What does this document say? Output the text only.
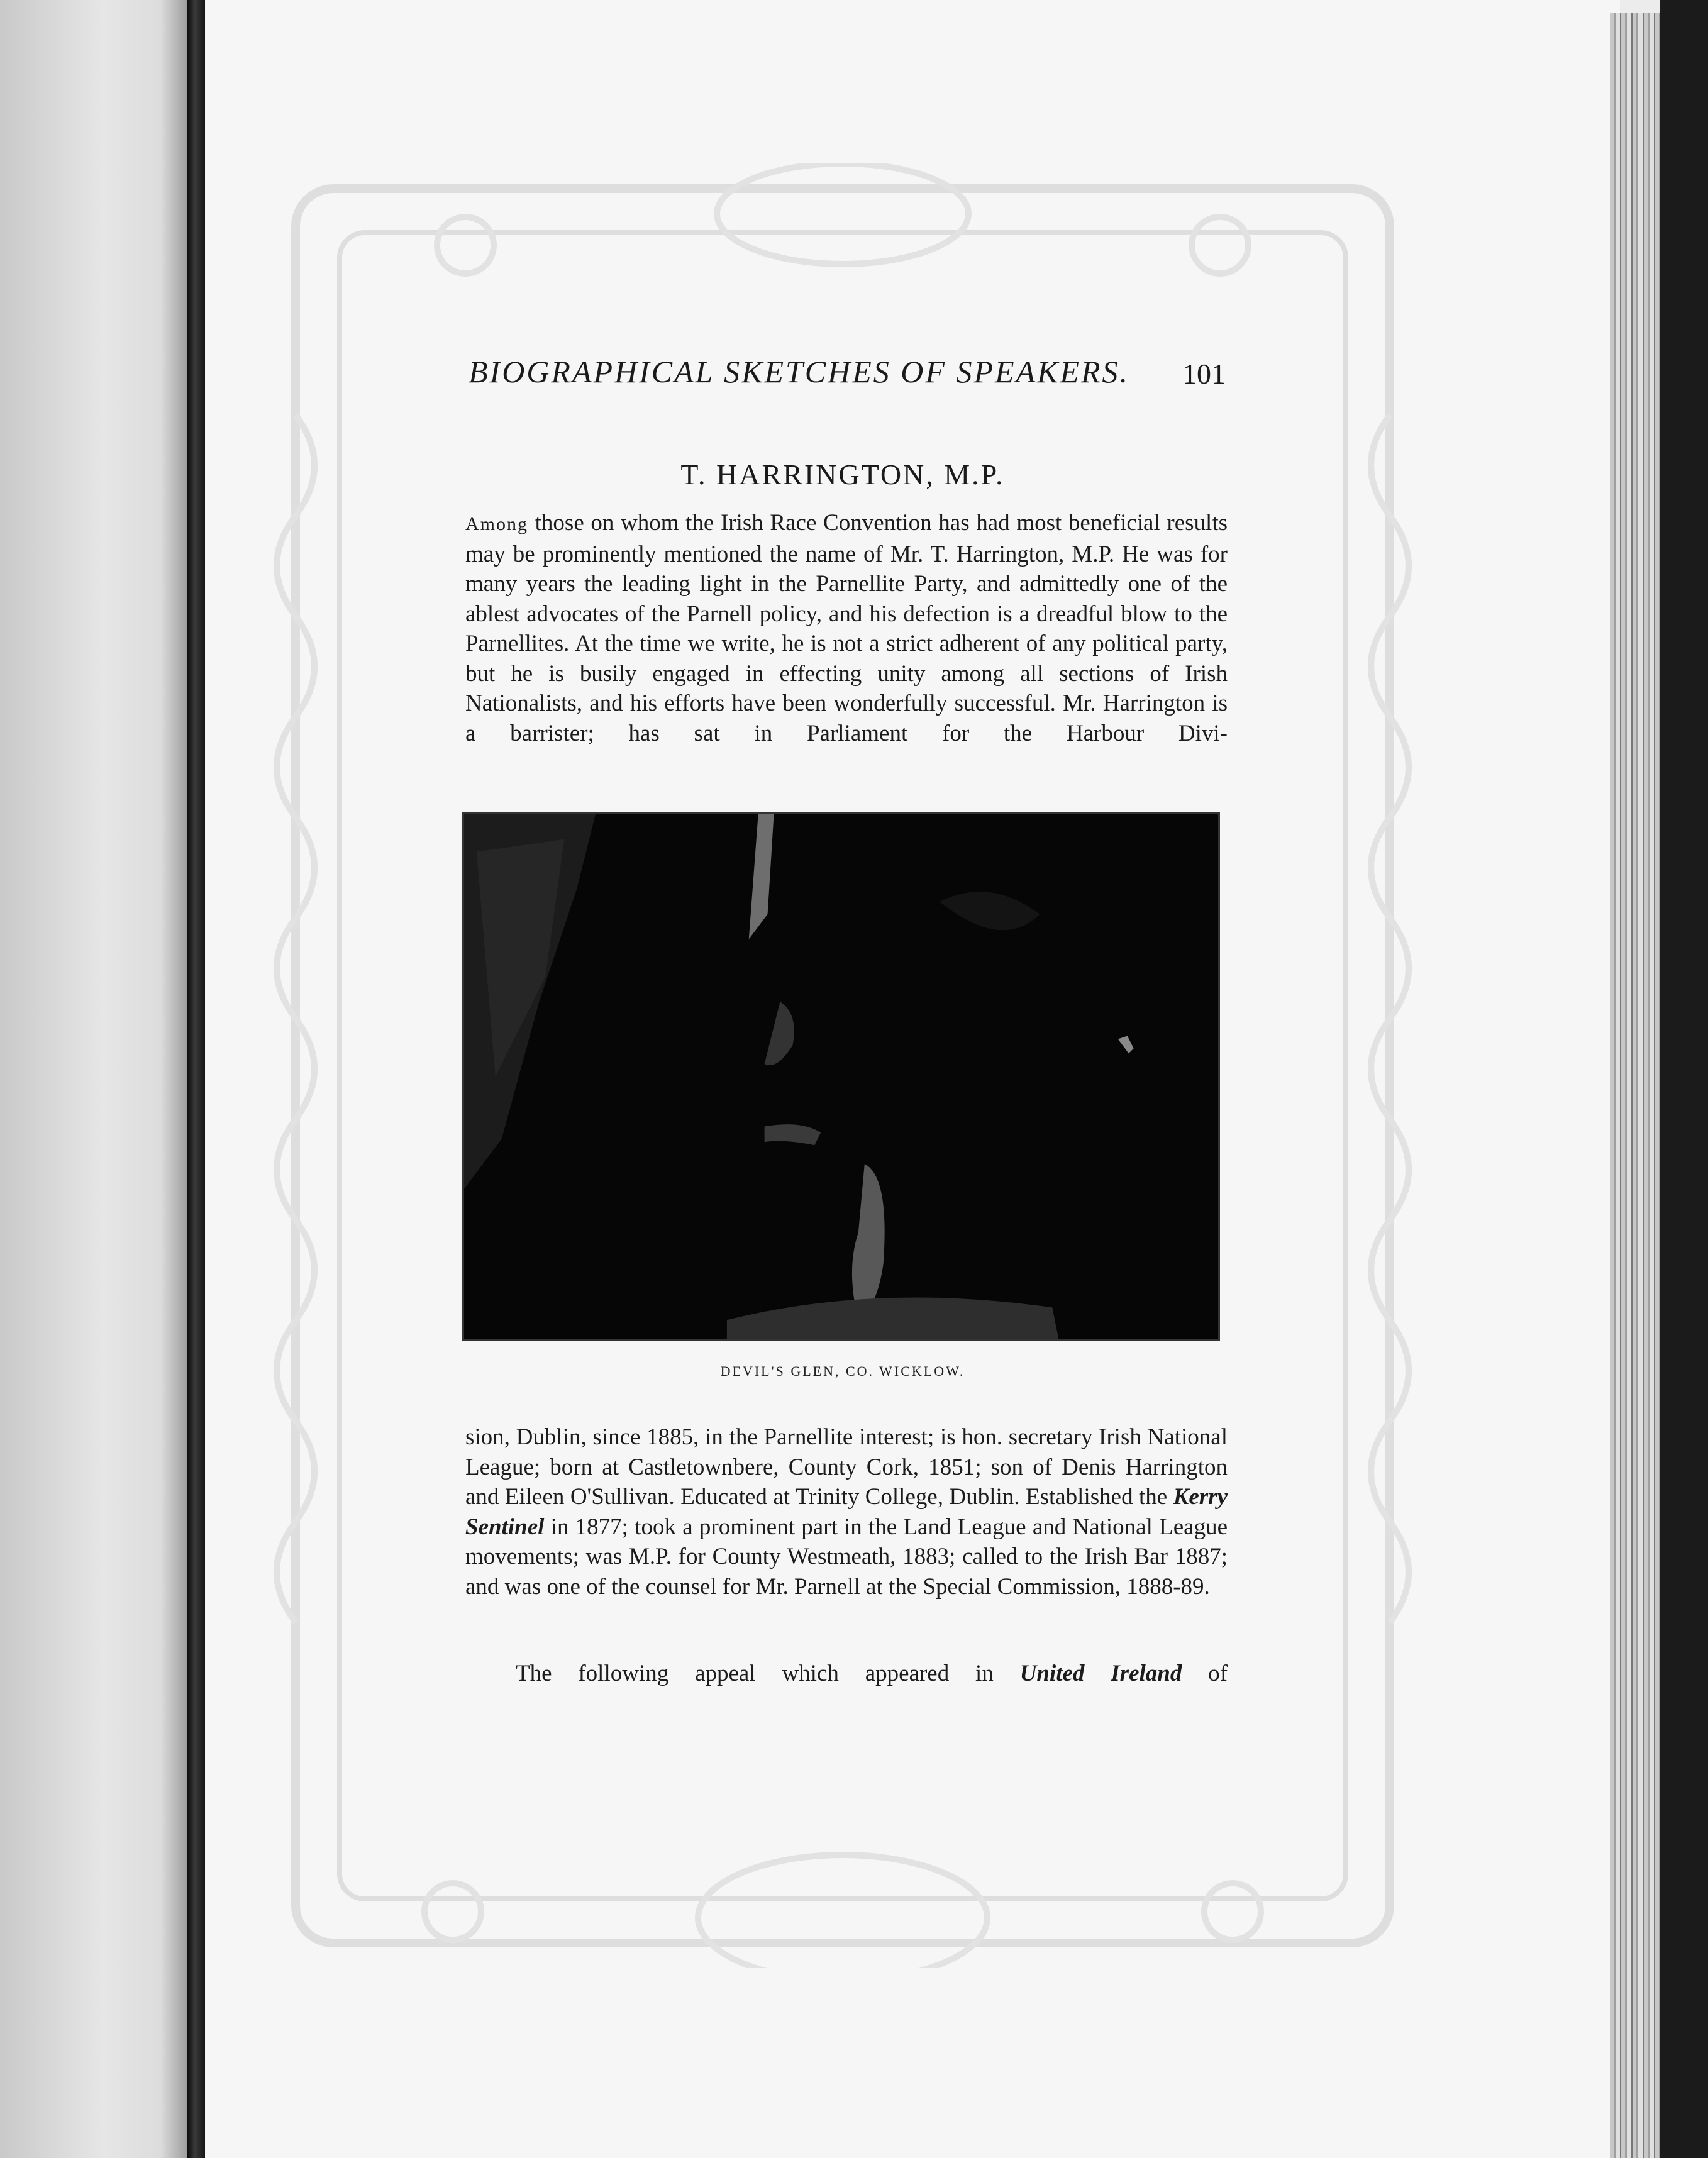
BIOGRAPHICAL SKETCHES OF SPEAKERS.	101
T. HARRINGTON, M.P.
Among those on whom the Irish Race Convention has had most beneficial results may be prominently mentioned the name of Mr. T. Harrington, M.P. He was for many years the leading light in the Parnellite Party, and admittedly one of the ablest advocates of the Parnell policy, and his defection is a dreadful blow to the Parnellites. At the time we write, he is not a strict adherent of any political party, but he is busily engaged in effecting unity among all sections of Irish Nationalists, and his efforts have been wonderfully successful. Mr. Harrington is a barrister; has sat in Parliament for the Harbour Divi-
DEVIL'S GLEN, CO. WICKLOW.
sion, Dublin, since 1885, in the Parnellite interest; is hon. secretary Irish National League; born at Castletownbere, County Cork, 1851; son of Denis Harrington and Eileen O'Sullivan. Educated at Trinity College, Dublin. Established the Kerry Sentinel in 1877; took a prominent part in the Land League and National League movements; was M.P. for County Westmeath, 1883; called to the Irish Bar 1887; and was one of the counsel for Mr. Parnell at the Special Commission, 1888-89.
The following appeal which appeared in United Ireland of
